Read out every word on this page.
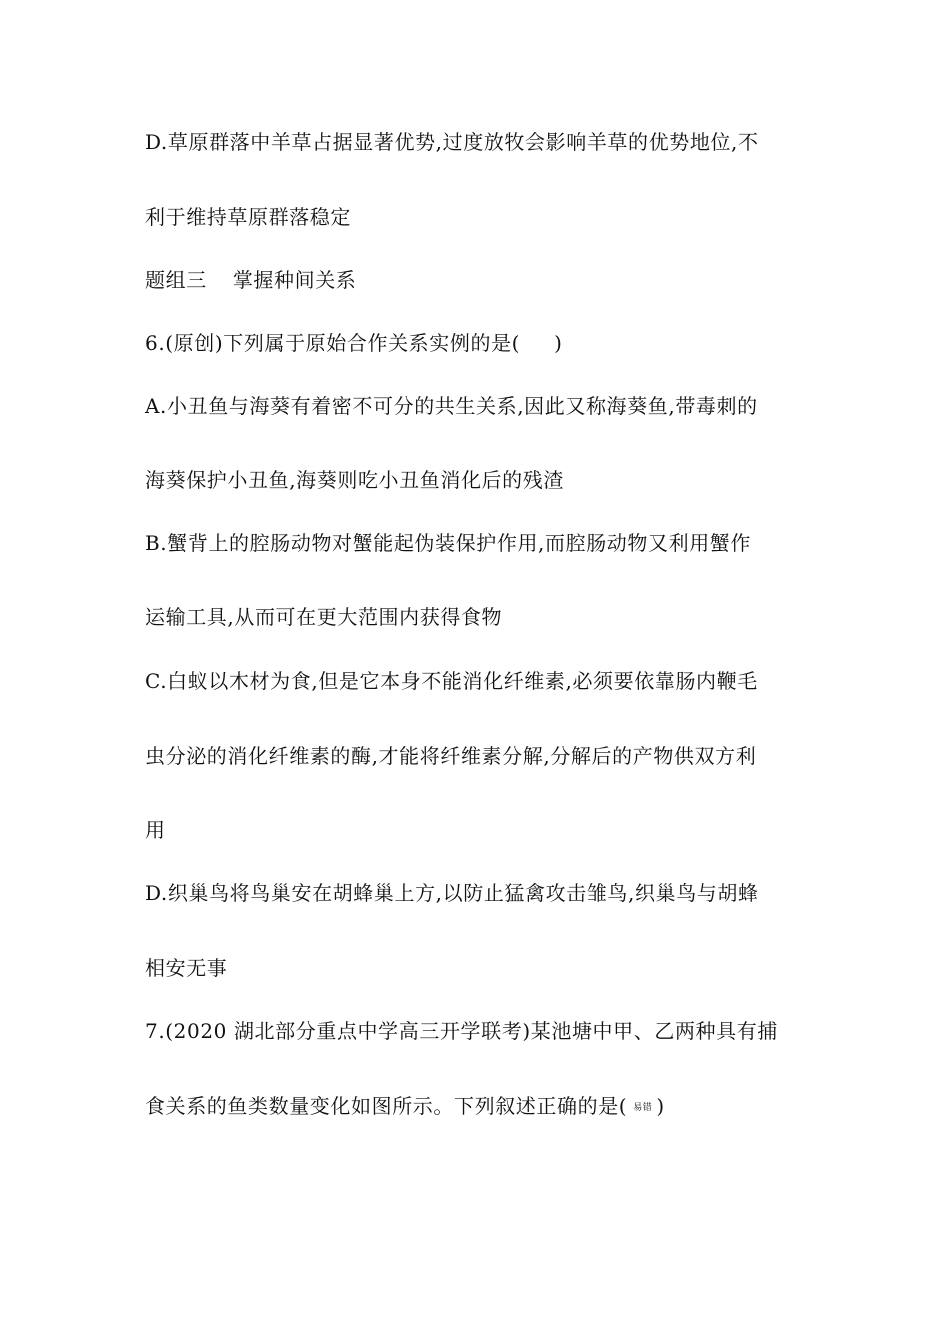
D.草原群落中羊草占据显著优势,过度放牧会影响羊草的优势地位,不
利于维持草原群落稳定
题组三 掌握种间关系
6.(原创)下列属于原始合作关系实例的是( )
A.小丑鱼与海葵有着密不可分的共生关系,因此又称海葵鱼,带毒刺的
海葵保护小丑鱼,海葵则吃小丑鱼消化后的残渣
B.蟹背上的腔肠动物对蟹能起伪装保护作用,而腔肠动物又利用蟹作
运输工具,从而可在更大范围内获得食物
C.白蚁以木材为食,但是它本身不能消化纤维素,必须要依靠肠内鞭毛
虫分泌的消化纤维素的酶,才能将纤维素分解,分解后的产物供双方利
用
D.织巢鸟将鸟巢安在胡蜂巢上方,以防止猛禽攻击雏鸟,织巢鸟与胡蜂
相安无事
7.(2020 湖北部分重点中学高三开学联考)某池塘中甲、乙两种具有捕
食关系的鱼类数量变化如图所示。下列叙述正确的是( 易错 )
